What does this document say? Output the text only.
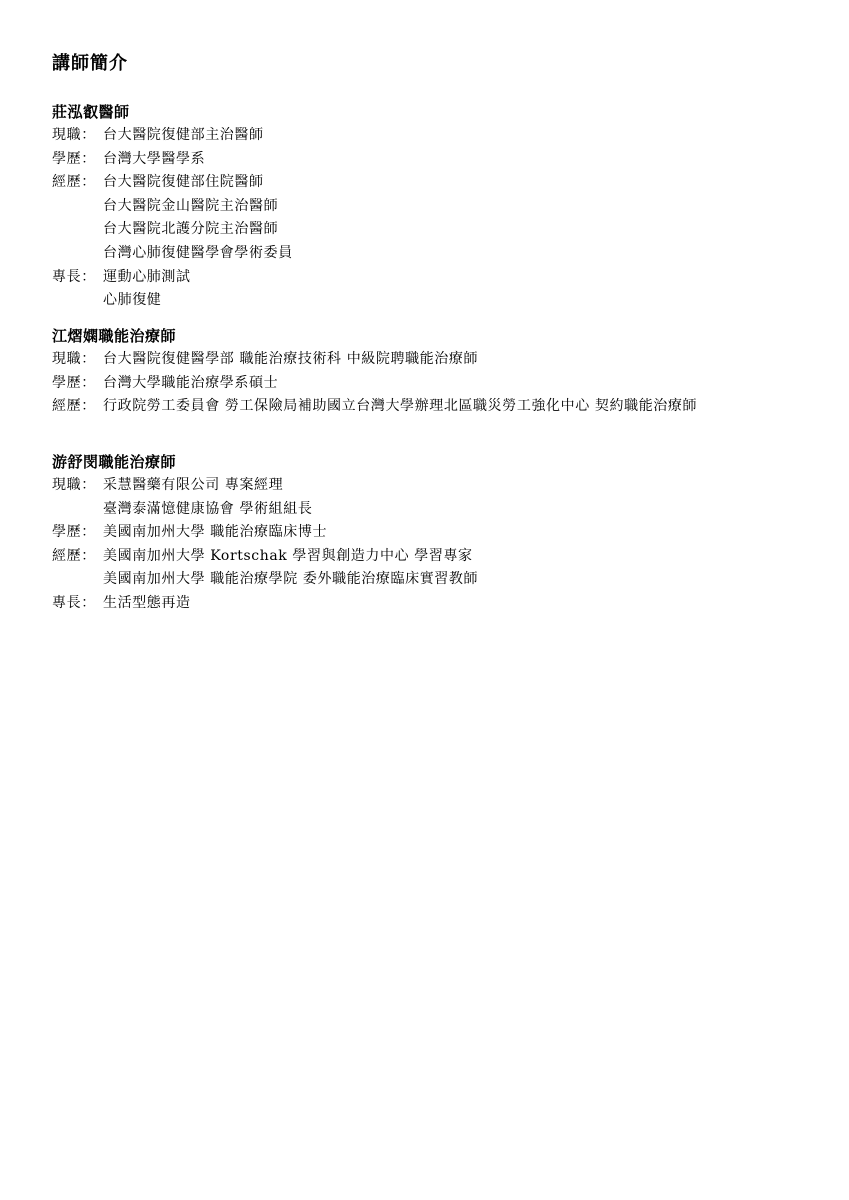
講師簡介
莊泓叡醫師
現職： 台大醫院復健部主治醫師
學歷： 台灣大學醫學系
經歷： 台大醫院復健部住院醫師
台大醫院金山醫院主治醫師
台大醫院北護分院主治醫師
台灣心肺復健醫學會學術委員
專長： 運動心肺測試
心肺復健
江熠嫻職能治療師
現職： 台大醫院復健醫學部 職能治療技術科 中級院聘職能治療師
學歷： 台灣大學職能治療學系碩士
經歷： 行政院勞工委員會 勞工保險局補助國立台灣大學辦理北區職災勞工強化中心 契約職能治療師
游舒閔職能治療師
現職： 采慧醫藥有限公司 專案經理
臺灣泰滿憶健康協會 學術組組長
學歷： 美國南加州大學 職能治療臨床博士
經歷： 美國南加州大學 Kortschak 學習與創造力中心 學習專家
美國南加州大學 職能治療學院 委外職能治療臨床實習教師
專長： 生活型態再造
